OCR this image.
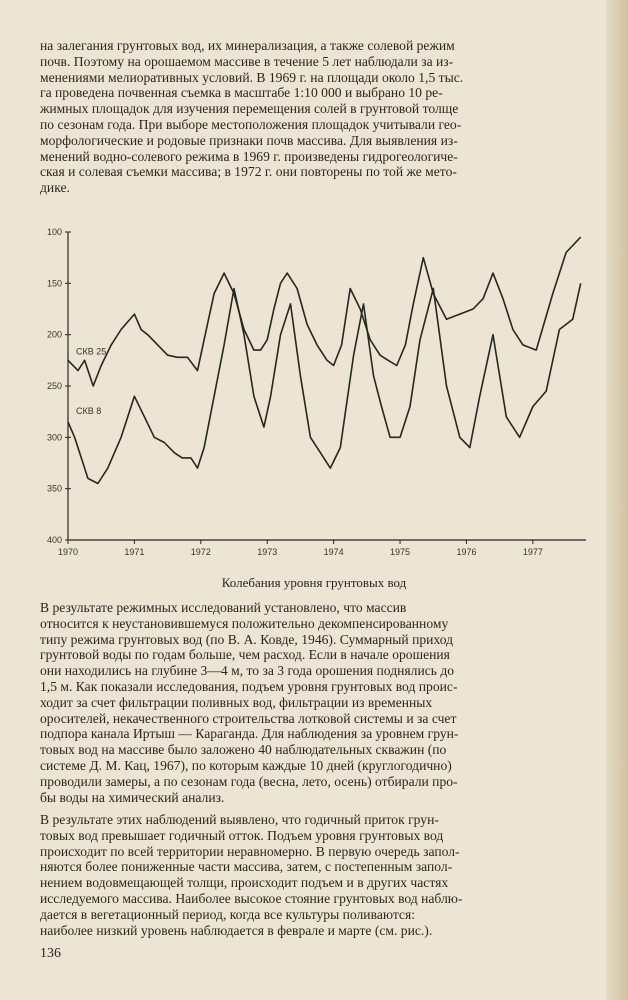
на залегания грунтовых вод, их минерализация, а также солевой режим
почв. Поэтому на орошаемом массиве в течение 5 лет наблюдали за из-
менениями мелиоративных условий. В 1969 г. на площади около 1,5 тыс.
га проведена почвенная съемка в масштабе 1:10 000 и выбрано 10 ре-
жимных площадок для изучения перемещения солей в грунтовой толще
по сезонам года. При выборе местоположения площадок учитывали гео-
морфологические и родовые признаки почв массива. Для выявления из-
менений водно-солевого режима в 1969 г. произведены гидрогеологиче-
ская и солевая съемки массива; в 1972 г. они повторены по той же мето-
дике.

100
150
200
250
300
350
400
1970	1971	1972	1973	1974	1975	1976	1977
СКВ 25
СКВ 8
Колебания уровня грунтовых вод

В результате режимных исследований установлено, что массив
относится к неустановившемуся положительно декомпенсированному
типу режима грунтовых вод (по В. А. Ковде, 1946). Суммарный приход
грунтовой воды по годам больше, чем расход. Если в начале орошения
они находились на глубине 3—4 м, то за 3 года орошения поднялись до
1,5 м. Как показали исследования, подъем уровня грунтовых вод проис-
ходит за счет фильтрации поливных вод, фильтрации из временных
оросителей, некачественного строительства лотковой системы и за счет
подпора канала Иртыш — Караганда. Для наблюдения за уровнем грун-
товых вод на массиве было заложено 40 наблюдательных скважин (по
системе Д. М. Кац, 1967), по которым каждые 10 дней (круглогодично)
проводили замеры, а по сезонам года (весна, лето, осень) отбирали про-
бы воды на химический анализ.

В результате этих наблюдений выявлено, что годичный приток грун-
товых вод превышает годичный отток. Подъем уровня грунтовых вод
происходит по всей территории неравномерно. В первую очередь запол-
няются более пониженные части массива, затем, с постепенным запол-
нением водовмещающей толщи, происходит подъем и в других частях
исследуемого массива. Наиболее высокое стояние грунтовых вод наблю-
дается в вегетационный период, когда все культуры поливаются:
наиболее низкий уровень наблюдается в феврале и марте (см. рис.).

136
